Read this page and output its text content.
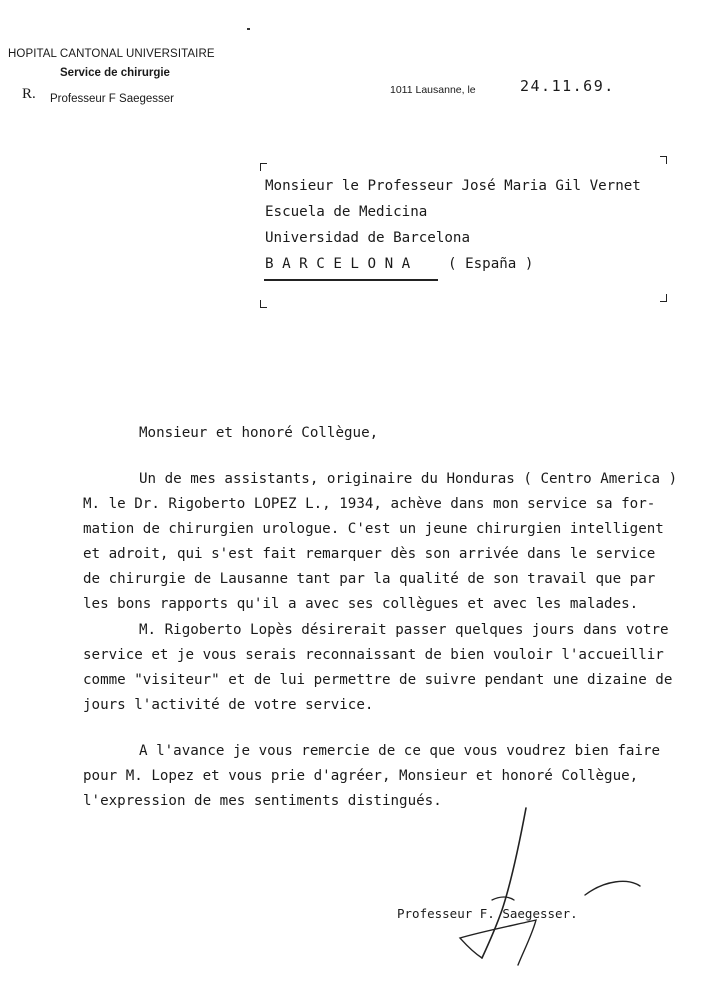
HOPITAL CANTONAL UNIVERSITAIRE
Service de chirurgie
R. Professeur F Saegesser
1011 Lausanne, le	24.11.69.
Monsieur le Professeur José Maria Gil Vernet
Escuela de Medicina
Universidad de Barcelona
B A R C E L O N A	( España )
Monsieur et honoré Collègue,
Un de mes assistants, originaire du Honduras ( Centro America )
M. le Dr. Rigoberto LOPEZ L., 1934, achève dans mon service sa for-
mation de chirurgien urologue. C'est un jeune chirurgien intelligent
et adroit, qui s'est fait remarquer dès son arrivée dans le service
de chirurgie de Lausanne tant par la qualité de son travail que par
les bons rapports qu'il a avec ses collègues et avec les malades.
M. Rigoberto Lopès désirerait passer quelques jours dans votre
service et je vous serais reconnaissant de bien vouloir l'accueillir
comme "visiteur" et de lui permettre de suivre pendant une dizaine de
jours l'activité de votre service.
A l'avance je vous remercie de ce que vous voudrez bien faire
pour M. Lopez et vous prie d'agréer, Monsieur et honoré Collègue,
l'expression de mes sentiments distingués.
Professeur F. Saegesser.
